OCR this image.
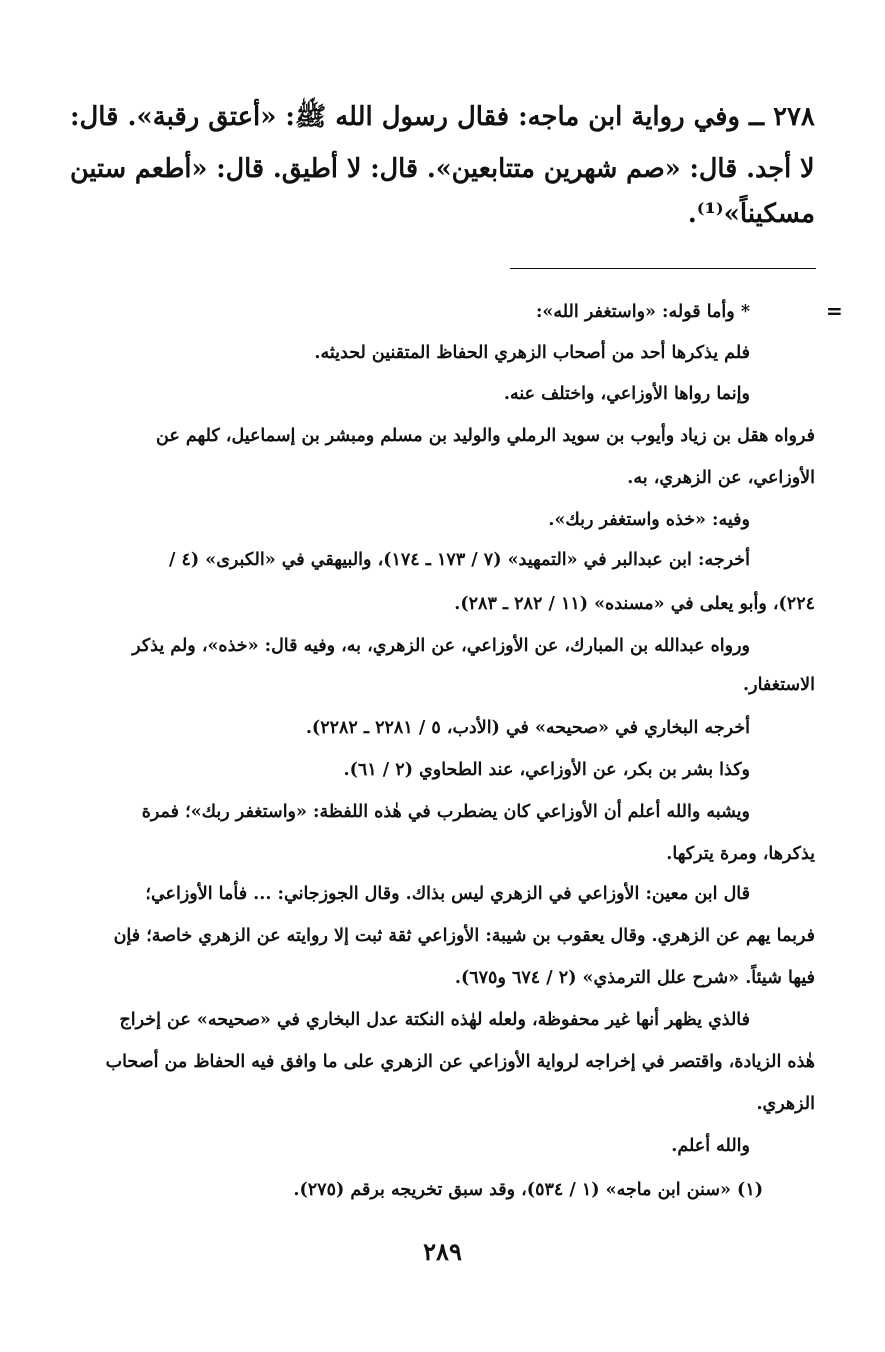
٢٧٨ ــ وفي رواية ابن ماجه: فقال رسول الله ﷺ: «أعتق رقبة». قال:
لا أجد. قال: «صم شهرين متتابعين». قال: لا أطيق. قال: «أطعم ستين
مسكيناً»⁽¹⁾.
=
* وأما قوله: «واستغفر الله»:
فلم يذكرها أحد من أصحاب الزهري الحفاظ المتقنين لحديثه.
وإنما رواها الأوزاعي، واختلف عنه.
فرواه هقل بن زياد وأيوب بن سويد الرملي والوليد بن مسلم ومبشر بن إسماعيل، كلهم عن
الأوزاعي، عن الزهري، به.
وفيه: «خذه واستغفر ربك».
أخرجه: ابن عبدالبر في «التمهيد» (٧ / ١٧٣ ـ ١٧٤)، والبيهقي في «الكبرى» (٤ /
٢٢٤)، وأبو يعلى في «مسنده» (١١ / ٢٨٢ ـ ٢٨٣).
ورواه عبدالله بن المبارك، عن الأوزاعي، عن الزهري، به، وفيه قال: «خذه»، ولم يذكر
الاستغفار.
أخرجه البخاري في «صحيحه» في (الأدب، ٥ / ٢٢٨١ ـ ٢٢٨٢).
وكذا بشر بن بكر، عن الأوزاعي، عند الطحاوي (٢ / ٦١).
ويشبه والله أعلم أن الأوزاعي كان يضطرب في هٰذه اللفظة: «واستغفر ربك»؛ فمرة
يذكرها، ومرة يتركها.
قال ابن معين: الأوزاعي في الزهري ليس بذاك. وقال الجوزجاني: ... فأما الأوزاعي؛
فربما يهم عن الزهري. وقال يعقوب بن شيبة: الأوزاعي ثقة ثبت إلا روايته عن الزهري خاصة؛ فإن
فيها شيئاً. «شرح علل الترمذي» (٢ / ٦٧٤ و٦٧٥).
فالذي يظهر أنها غير محفوظة، ولعله لهٰذه النكتة عدل البخاري في «صحيحه» عن إخراج
هٰذه الزيادة، واقتصر في إخراجه لرواية الأوزاعي عن الزهري على ما وافق فيه الحفاظ من أصحاب
الزهري.
والله أعلم.
(١) «سنن ابن ماجه» (١ / ٥٣٤)، وقد سبق تخريجه برقم (٢٧٥).
٢٨٩
